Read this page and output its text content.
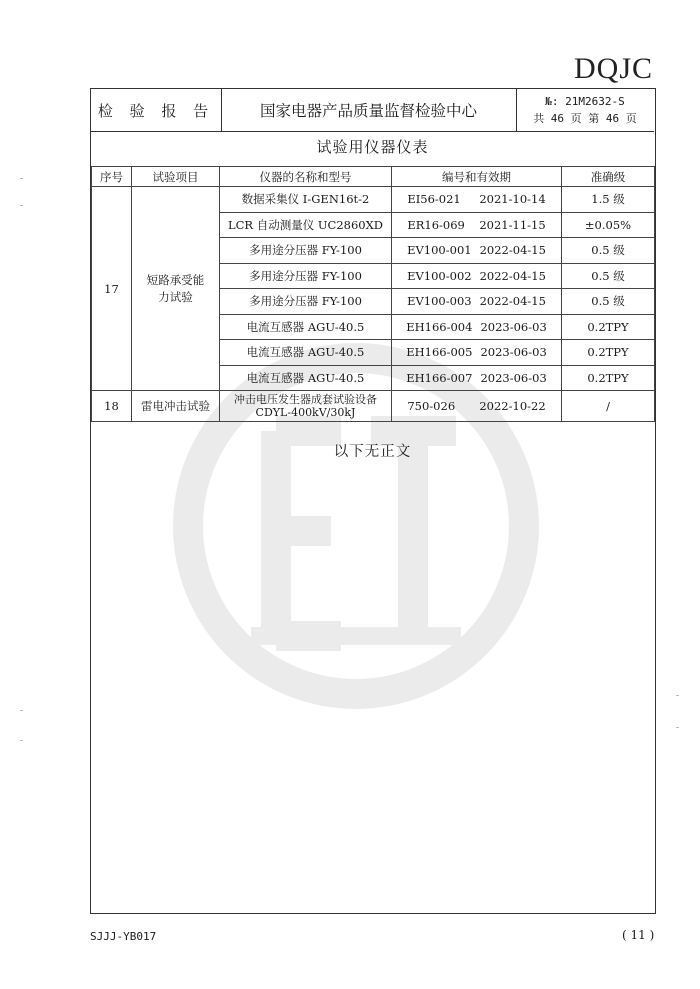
DQJC
检 验 报 告	国家电器产品质量监督检验中心
№: 21M2632-S
共 46 页 第 46 页
试验用仪器仪表
序号	试验项目	仪器的名称和型号	编号和有效期	准确级
17	短路承受能力试验	数据采集仪 I-GEN16t-2	EI56-021 2021-10-14	1.5 级
		LCR 自动测量仪 UC2860XD	ER16-069 2021-11-15	±0.05%
		多用途分压器 FY-100	EV100-001 2022-04-15	0.5 级
		多用途分压器 FY-100	EV100-002 2022-04-15	0.5 级
		多用途分压器 FY-100	EV100-003 2022-04-15	0.5 级
		电流互感器 AGU-40.5	EH166-004 2023-06-03	0.2TPY
		电流互感器 AGU-40.5	EH166-005 2023-06-03	0.2TPY
		电流互感器 AGU-40.5	EH166-007 2023-06-03	0.2TPY
18	雷电冲击试验	冲击电压发生器成套试验设备
CDYL-400kV/30kJ	750-026 2022-10-22	/
以下无正文
SJJJ-YB017	( 11 )
